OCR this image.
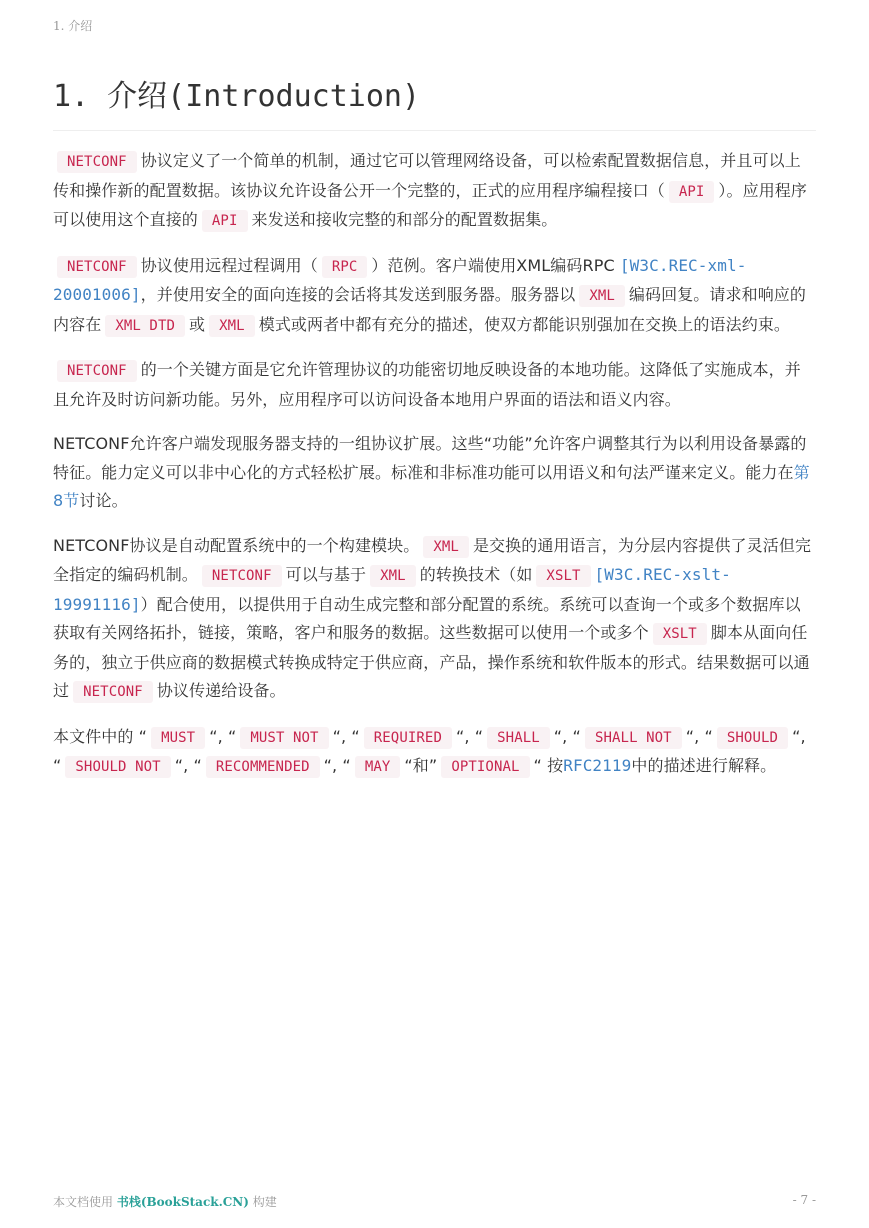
1. 介绍
1. 介绍(Introduction)

NETCONF 协议定义了一个简单的机制，通过它可以管理网络设备，可以检索配置数据信息，并且可以上传和操作新的配置数据。该协议允许设备公开一个完整的，正式的应用程序编程接口（ API ）。应用程序可以使用这个直接的 API 来发送和接收完整的和部分的配置数据集。

NETCONF 协议使用远程过程调用（ RPC ）范例。客户端使用XML编码RPC [W3C.REC-xml-20001006]，并使用安全的面向连接的会话将其发送到服务器。服务器以 XML 编码回复。请求和响应的内容在 XML DTD 或 XML 模式或两者中都有充分的描述，使双方都能识别强加在交换上的语法约束。

NETCONF 的一个关键方面是它允许管理协议的功能密切地反映设备的本地功能。这降低了实施成本，并且允许及时访问新功能。另外，应用程序可以访问设备本地用户界面的语法和语义内容。

NETCONF允许客户端发现服务器支持的一组协议扩展。这些“功能”允许客户调整其行为以利用设备暴露的特征。能力定义可以非中心化的方式轻松扩展。标准和非标准功能可以用语义和句法严谨来定义。能力在第8节讨论。

NETCONF协议是自动配置系统中的一个构建模块。 XML 是交换的通用语言，为分层内容提供了灵活但完全指定的编码机制。 NETCONF 可以与基于 XML 的转换技术（如 XSLT [W3C.REC-xslt-19991116]）配合使用，以提供用于自动生成完整和部分配置的系统。系统可以查询一个或多个数据库以获取有关网络拓扑，链接，策略，客户和服务的数据。这些数据可以使用一个或多个 XSLT 脚本从面向任务的，独立于供应商的数据模式转换成特定于供应商，产品，操作系统和软件版本的形式。结果数据可以通过 NETCONF 协议传递给设备。

本文件中的 “ MUST “, “ MUST NOT “, “ REQUIRED “, “ SHALL “, “ SHALL NOT “, “ SHOULD “, “ SHOULD NOT “, “ RECOMMENDED “, “ MAY “和” OPTIONAL “ 按RFC2119中的描述进行解释。

本文档使用 书栈(BookStack.CN) 构建	- 7 -
